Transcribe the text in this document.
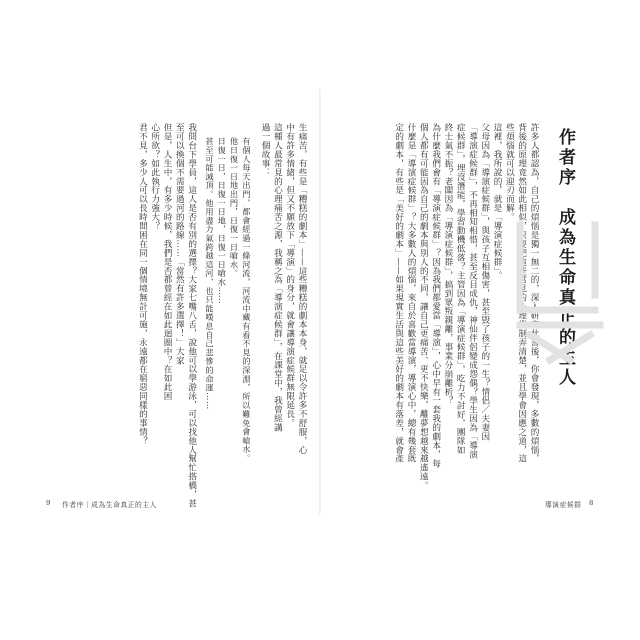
作者序　成為生命真正的主人
許多人都認為，自己的煩惱是獨一無二的，深入研究此書後，你會發現，多數的煩惱，
背後的原理竟然如此相似，只要把這些常見的心理機制弄清楚，並且學會因應之道，這
些煩惱就可以迎刃而解。
這裡，我所說的，就是「導演症候群」。
父母因為「導演症候群」，與孩子互相傷害，甚至毀了孩子的一生？情侶／夫妻因
「導演症候群」，不再相知相惜，甚至反目成仇，神仙伴侶變成怨偶？學生因為「導演
症候群」，埋沒潛能，學習動機低落？主管因為「導演症候群」，吃力不討好，團隊如
終士氣不振？老闆因為「導演症候群」，搞到眾叛親離，事業分崩離析？
為什麼我們會有「導演症候群」？因為我們都愛當「導演」，心中早有一套我的劇本，每
個人都有可能因為自己的劇本與別人的不同，讓自己更痛苦、更不快樂，離夢想越來越遙遠。
什麼是「導演症候群」？大多數人的煩惱，來自於喜歡當導演，導演心中，總有幾套既
定的劇本，有些是「美好的劇本」——如果現實生活與這些美好的劇本有落差，就會產
8
導演症候群
生痛苦，有些是「糟糕的劇本」——這些糟糕的劇本本身，就足以令許多不舒服，心
中有許多情緒，但又不願放下「導演」的身分，就會讓導演症候群無限延長。
這種人最常見的心理痛苦之源，我稱之為「導演症候群」，在課堂中，我曾經講
過一個故事：
有個人每天出門，都會經過一條河流，河流中藏有看不見的深淵，所以難免會嗆水。
他日復一日地出門，日復一日嗆水。
日復一日，日復一日地，日復一日嗆水……
甚至可能滅頂。他用盡力氣跨越這河，也只能嘆息自己悲慘的命運……
我問台下學員，這人是否有別的選擇？大家七嘴八舌，說他可以學游泳，可以找他人幫忙搭橋，甚
至可以換個不需要過河的路線……「當然有許多選擇！」大家
但是，人生中，有多少時候，我們是否都曾經在如此迴圈中？在如此困
心所欲？如此執行力強大？
君不見，多少人可以長時間困在同一個情境無計可施，永遠都在窮惡同樣的事情？
9 作者序｜成為生命真正的主人
